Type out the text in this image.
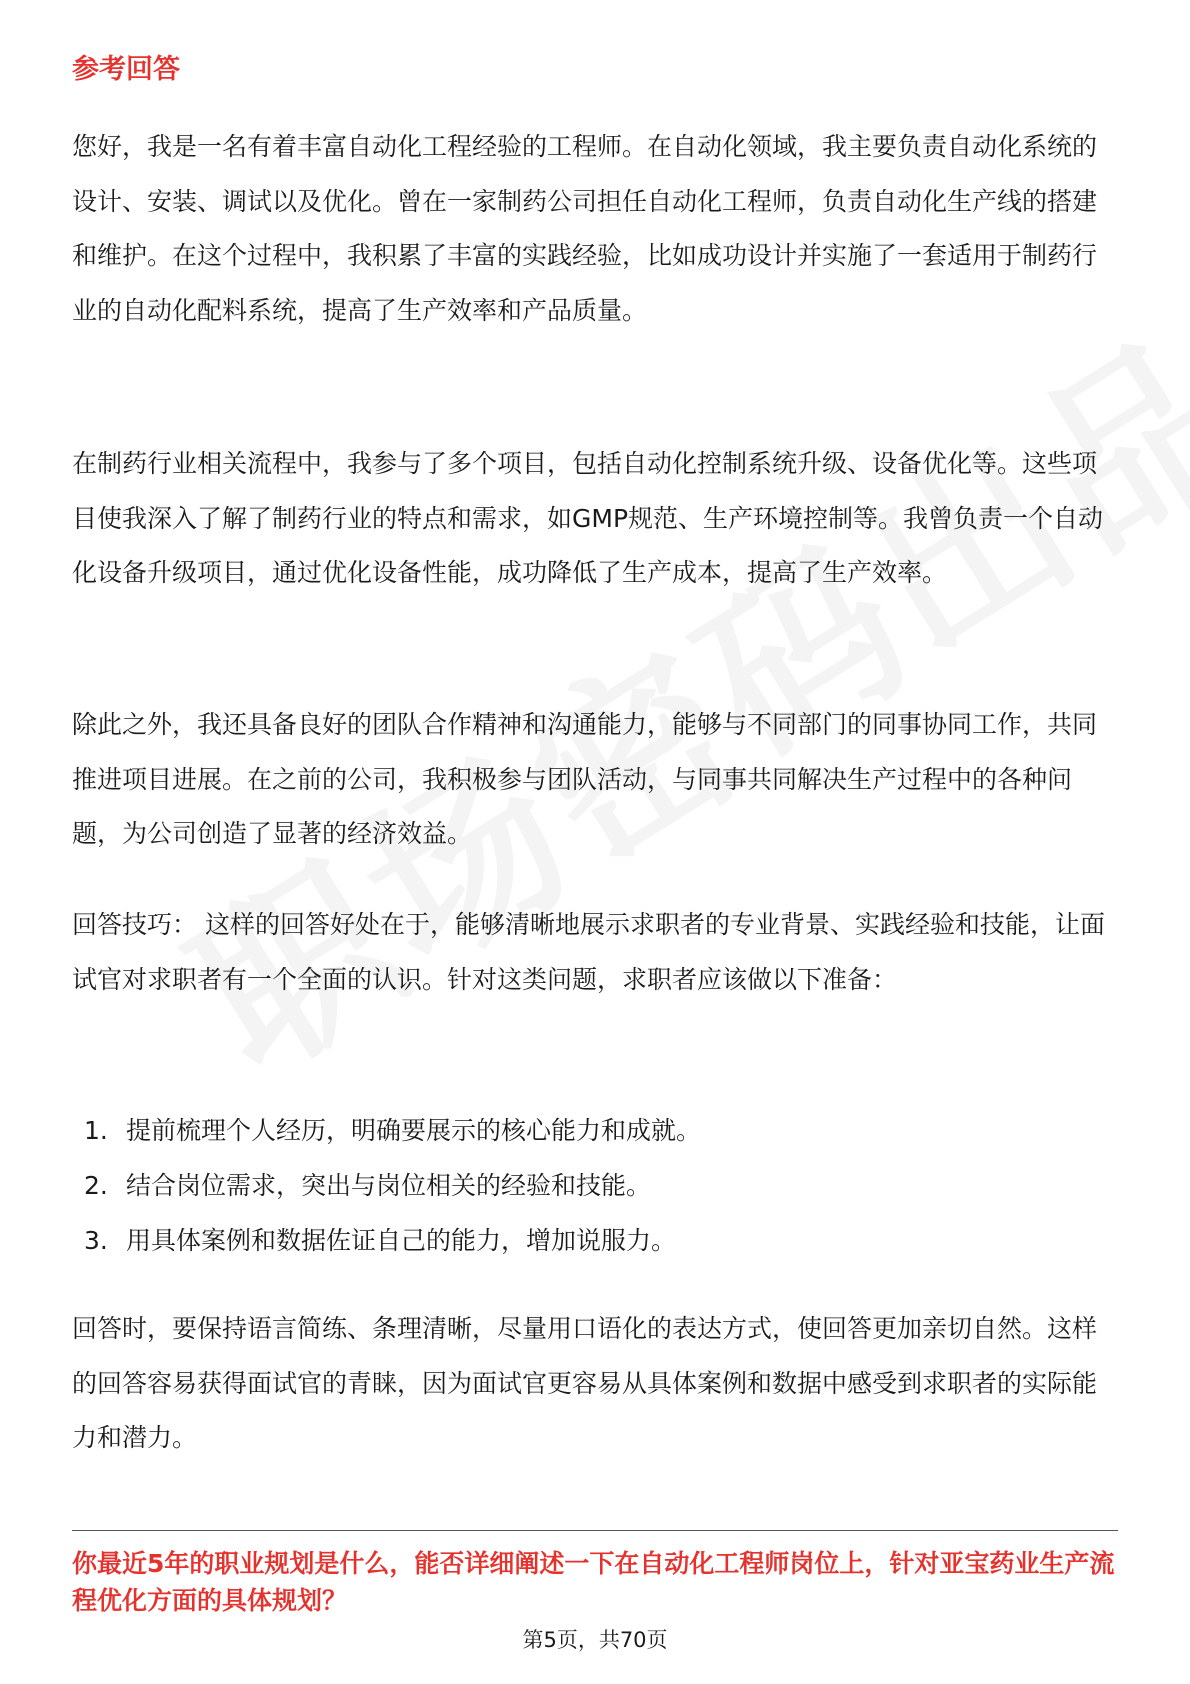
参考回答

您好，我是一名有着丰富自动化工程经验的工程师。在自动化领域，我主要负责自动化系统的设计、安装、调试以及优化。曾在一家制药公司担任自动化工程师，负责自动化生产线的搭建和维护。在这个过程中，我积累了丰富的实践经验，比如成功设计并实施了一套适用于制药行业的自动化配料系统，提高了生产效率和产品质量。

在制药行业相关流程中，我参与了多个项目，包括自动化控制系统升级、设备优化等。这些项目使我深入了解了制药行业的特点和需求，如GMP规范、生产环境控制等。我曾负责一个自动化设备升级项目，通过优化设备性能，成功降低了生产成本，提高了生产效率。

除此之外，我还具备良好的团队合作精神和沟通能力，能够与不同部门的同事协同工作，共同推进项目进展。在之前的公司，我积极参与团队活动，与同事共同解决生产过程中的各种问题，为公司创造了显著的经济效益。

回答技巧： 这样的回答好处在于，能够清晰地展示求职者的专业背景、实践经验和技能，让面试官对求职者有一个全面的认识。针对这类问题，求职者应该做以下准备：

1. 提前梳理个人经历，明确要展示的核心能力和成就。
2. 结合岗位需求，突出与岗位相关的经验和技能。
3. 用具体案例和数据佐证自己的能力，增加说服力。

回答时，要保持语言简练、条理清晰，尽量用口语化的表达方式，使回答更加亲切自然。这样的回答容易获得面试官的青睐，因为面试官更容易从具体案例和数据中感受到求职者的实际能力和潜力。

你最近5年的职业规划是什么，能否详细阐述一下在自动化工程师岗位上，针对亚宝药业生产流程优化方面的具体规划？
第5页，共70页
